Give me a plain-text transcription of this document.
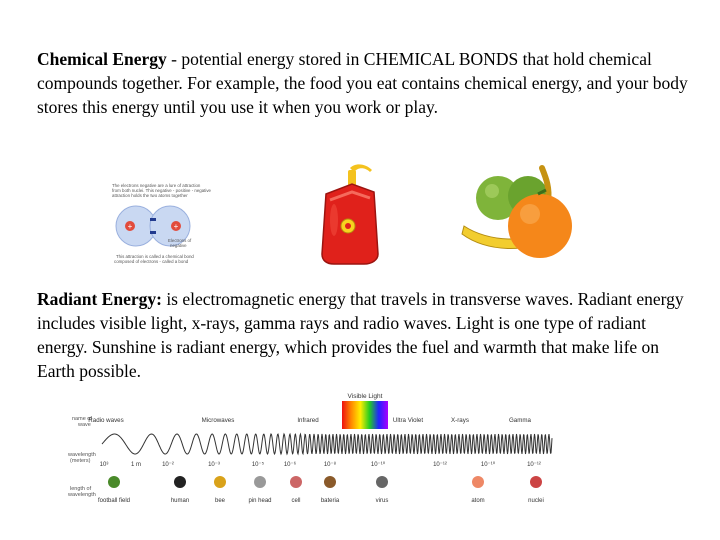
Chemical Energy - potential energy stored in CHEMICAL BONDS that hold chemical compounds together. For example, the food you eat contains chemical energy, and your body stores this energy until you use it when you work or play.
The electrons negative are a lure of attraction from both nuclei. This negative - positive - negative attraction holds the two atoms together
+	+
Electrons of negative
This attraction is called a chemical bond composed of electrons - called a bond
Radiant Energy: is electromagnetic energy that travels in transverse waves. Radiant energy includes visible light, x-rays, gamma rays and radio waves. Light is one type of radiant energy. Sunshine is radiant energy, which provides the fuel and warmth that make life on Earth possible.
name of wave
wavelength (meters)
length of wavelength
Visible Light
Radio waves	Microwaves	Infrared	Ultra Violet	X-rays	Gamma
10³	1 m	10⁻²	10⁻³	10⁻⁵	10⁻⁶	10⁻⁸	10⁻¹⁰	10⁻¹²	10⁻¹⁰	10⁻¹²
football field	human	bee	pin head	cell	bateria	virus	atom	nuclei
